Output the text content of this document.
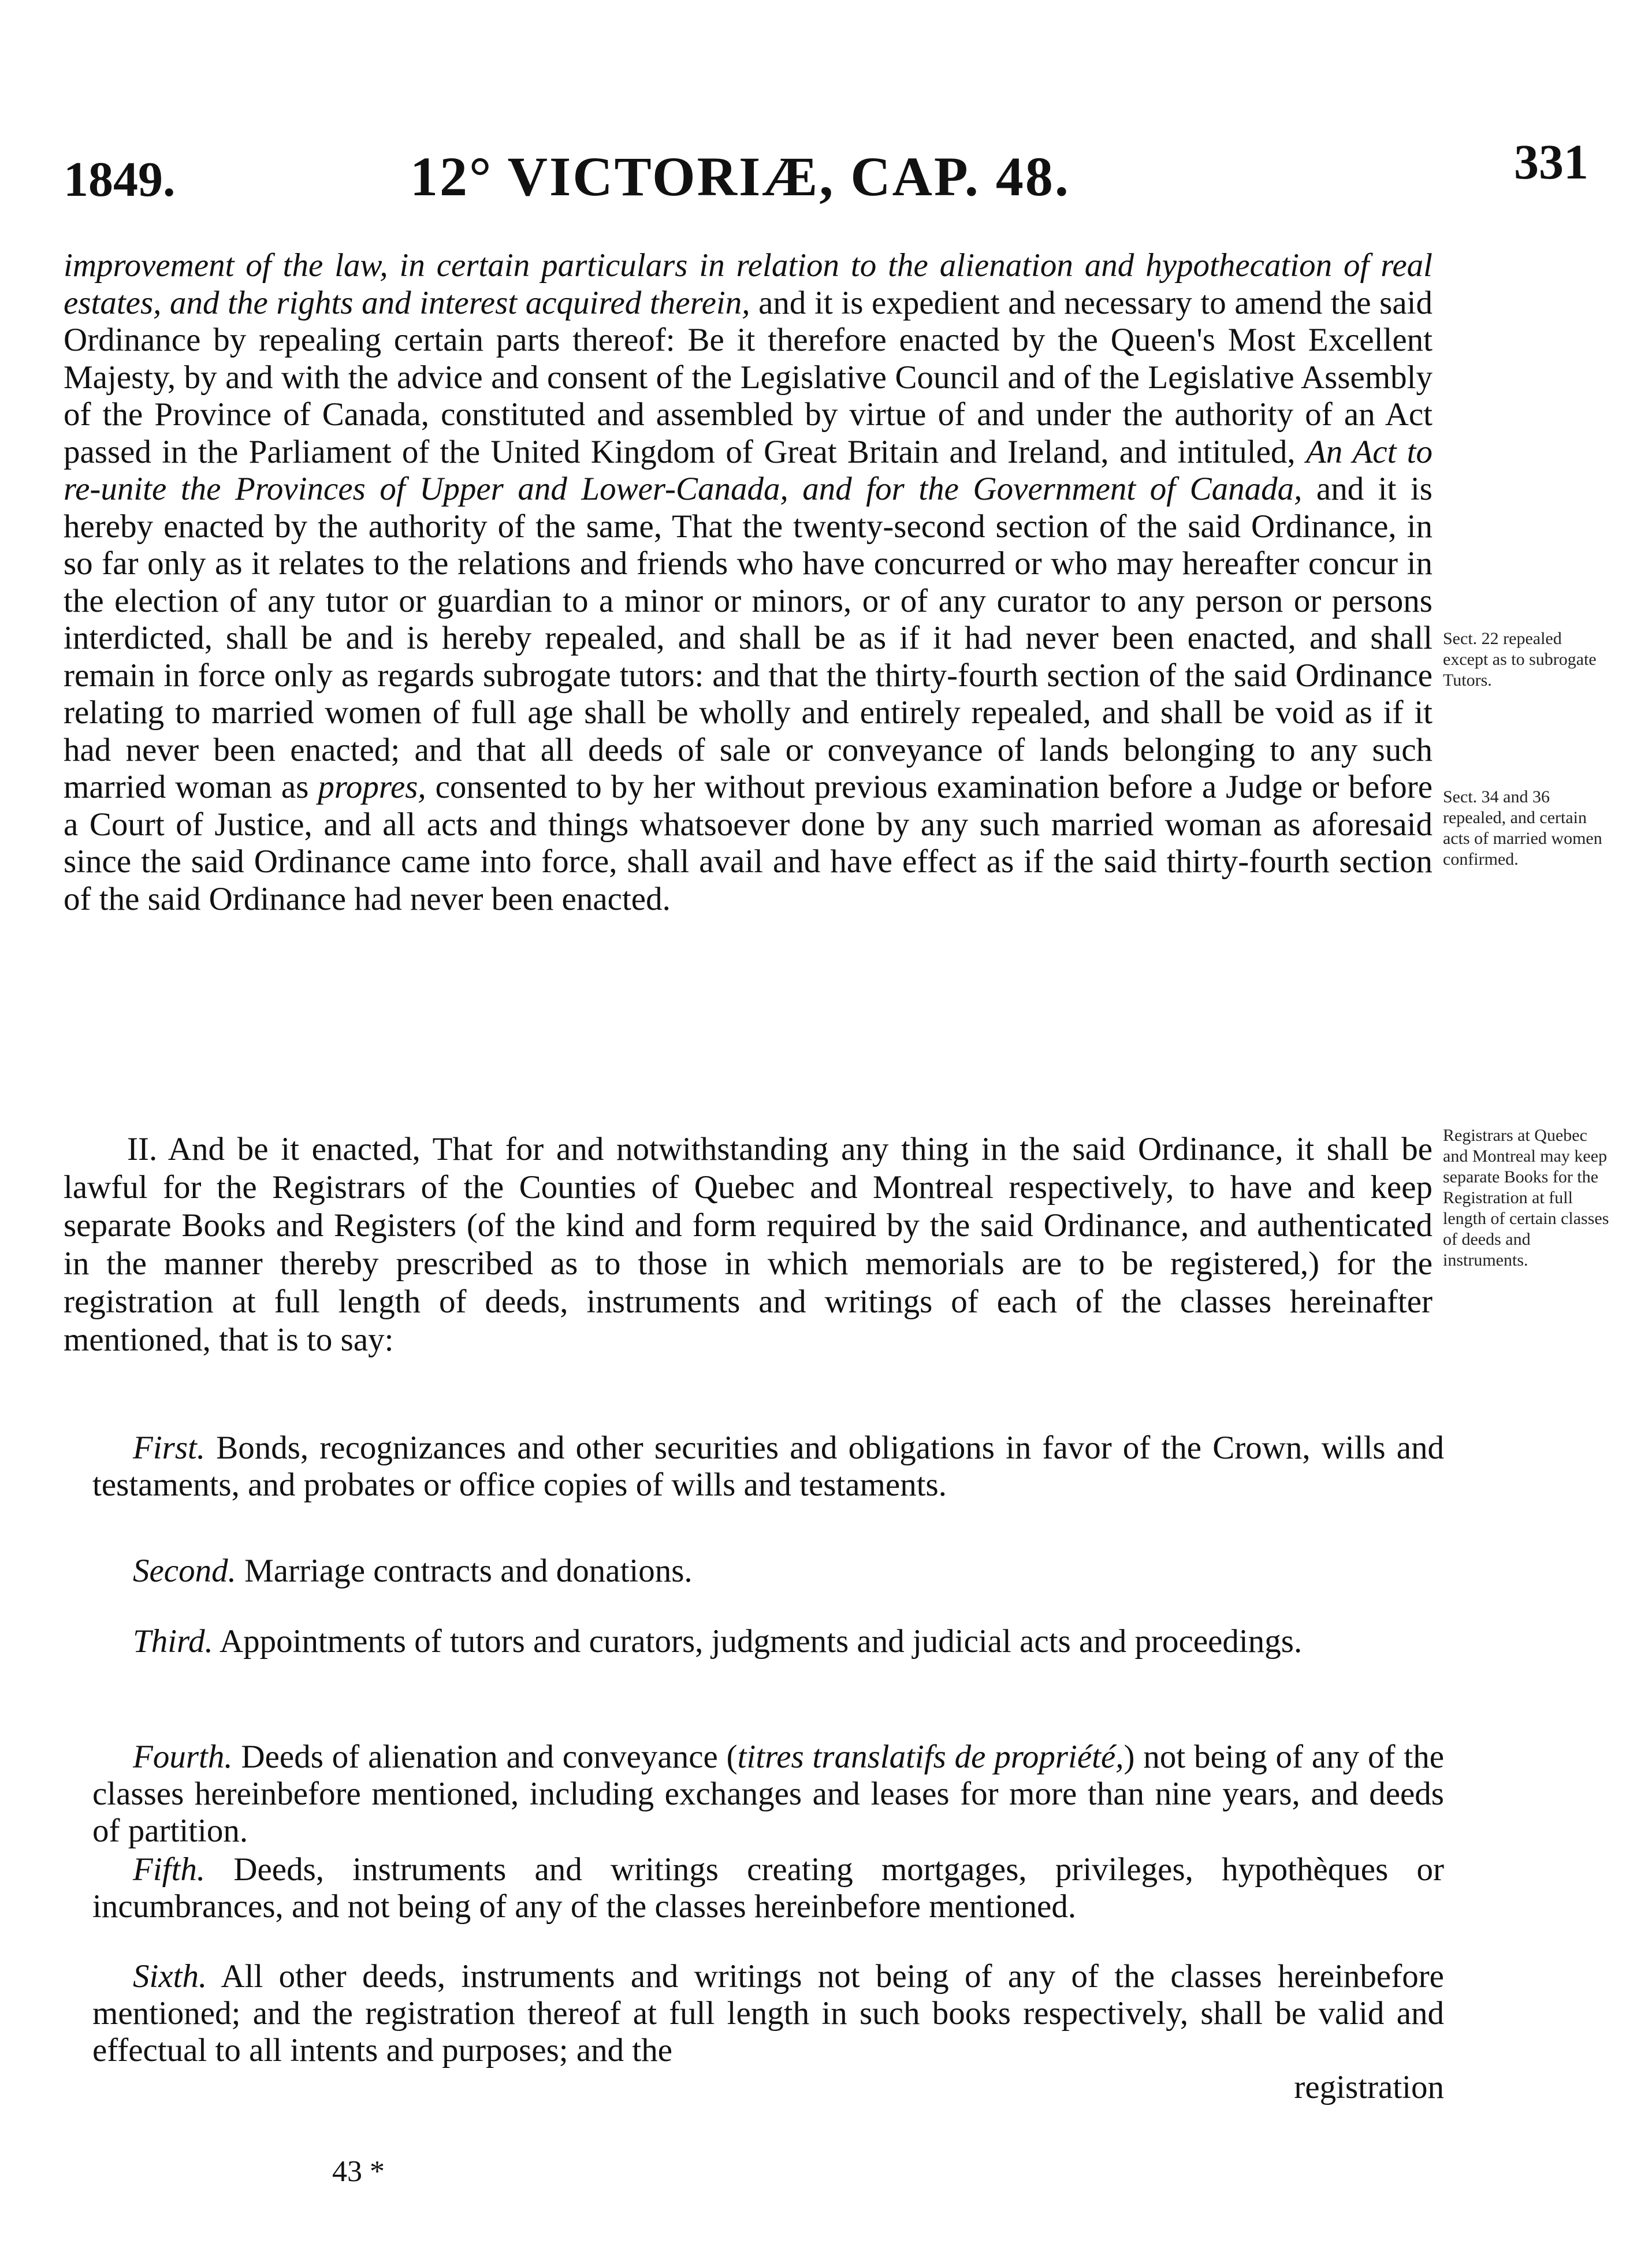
1849.	12° VICTORIÆ, CAP. 48.	331
improvement of the law, in certain particulars in relation to the alienation and hypothecation of real estates, and the rights and interest acquired therein, and it is expedient and necessary to amend the said Ordinance by repealing certain parts thereof: Be it therefore enacted by the Queen's Most Excellent Majesty, by and with the advice and consent of the Legislative Council and of the Legislative Assembly of the Province of Canada, constituted and assembled by virtue of and under the authority of an Act passed in the Parliament of the United Kingdom of Great Britain and Ireland, and intituled, An Act to re-unite the Provinces of Upper and Lower-Canada, and for the Government of Canada, and it is hereby enacted by the authority of the same, That the twenty-second section of the said Ordinance, in so far only as it relates to the relations and friends who have concurred or who may hereafter concur in the election of any tutor or guardian to a minor or minors, or of any curator to any person or persons interdicted, shall be and is hereby repealed, and shall be as if it had never been enacted, and shall remain in force only as regards subrogate tutors: and that the thirty-fourth section of the said Ordinance relating to married women of full age shall be wholly and entirely repealed, and shall be void as if it had never been enacted; and that all deeds of sale or conveyance of lands belonging to any such married woman as propres, consented to by her without previous examination before a Judge or before a Court of Justice, and all acts and things whatsoever done by any such married woman as aforesaid since the said Ordinance came into force, shall avail and have effect as if the said thirty-fourth section of the said Ordinance had never been enacted.
II. And be it enacted, That for and notwithstanding any thing in the said Ordinance, it shall be lawful for the Registrars of the Counties of Quebec and Montreal respectively, to have and keep separate Books and Registers (of the kind and form required by the said Ordinance, and authenticated in the manner thereby prescribed as to those in which memorials are to be registered,) for the registration at full length of deeds, instruments and writings of each of the classes hereinafter mentioned, that is to say:
First. Bonds, recognizances and other securities and obligations in favor of the Crown, wills and testaments, and probates or office copies of wills and testaments.
Second. Marriage contracts and donations.
Third. Appointments of tutors and curators, judgments and judicial acts and proceedings.
Fourth. Deeds of alienation and conveyance (titres translatifs de propriété,) not being of any of the classes hereinbefore mentioned, including exchanges and leases for more than nine years, and deeds of partition.
Fifth. Deeds, instruments and writings creating mortgages, privileges, hypothèques or incumbrances, and not being of any of the classes hereinbefore mentioned.
Sixth. All other deeds, instruments and writings not being of any of the classes hereinbefore mentioned; and the registration thereof at full length in such books respectively, shall be valid and effectual to all intents and purposes; and the
registration
Sect. 22 repealed except as to subrogate Tutors.
Sect. 34 and 36 repealed, and certain acts of married women confirmed.
Registrars at Quebec and Montreal may keep separate Books for the Registration at full length of certain classes of deeds and instruments.
43 *
